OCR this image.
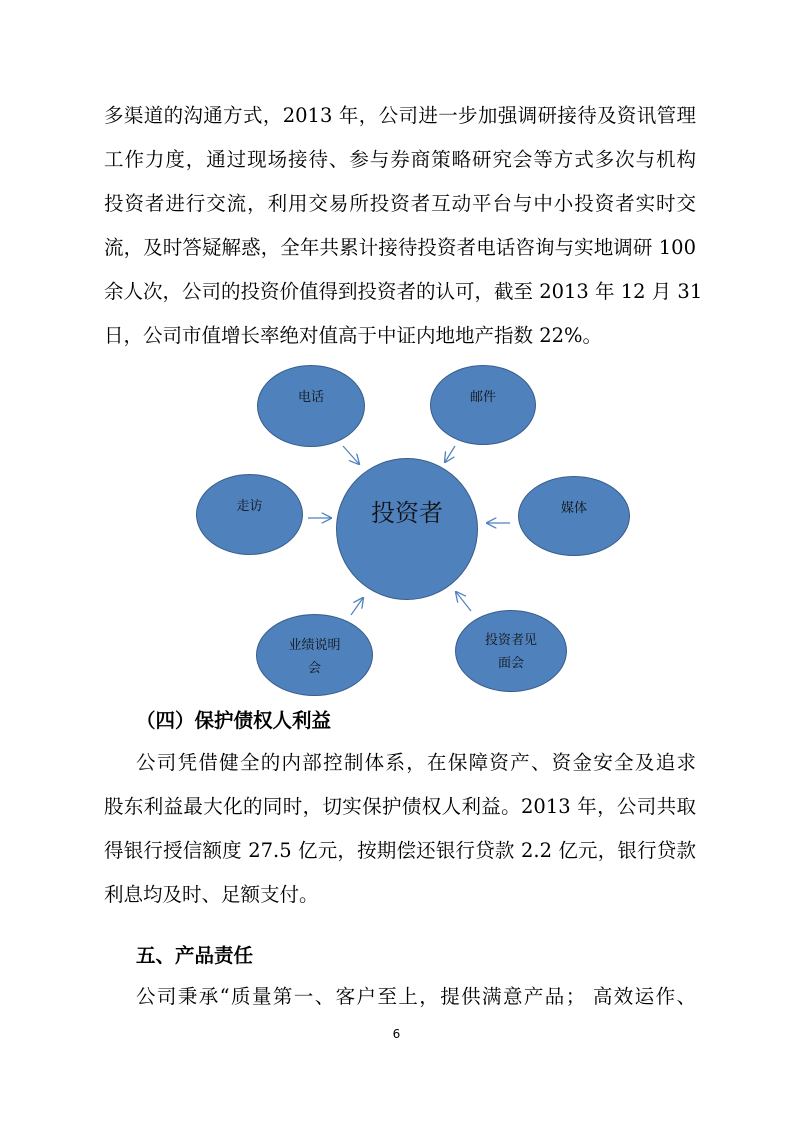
多渠道的沟通方式，2013 年，公司进一步加强调研接待及资讯管理
工作力度，通过现场接待、参与券商策略研究会等方式多次与机构
投资者进行交流，利用交易所投资者互动平台与中小投资者实时交
流，及时答疑解惑，全年共累计接待投资者电话咨询与实地调研 100
余人次，公司的投资价值得到投资者的认可，截至 2013 年 12 月 31
日，公司市值增长率绝对值高于中证内地地产指数 22%。
投资者
电话	邮件
走访	媒体
业绩说明
会
投资者见
面会
（四）保护债权人利益
公司凭借健全的内部控制体系，在保障资产、资金安全及追求
股东利益最大化的同时，切实保护债权人利益。2013 年，公司共取
得银行授信额度 27.5 亿元，按期偿还银行贷款 2.2 亿元，银行贷款
利息均及时、足额支付。
五、产品责任
公司秉承“质量第一、客户至上，提供满意产品； 高效运作、
6
